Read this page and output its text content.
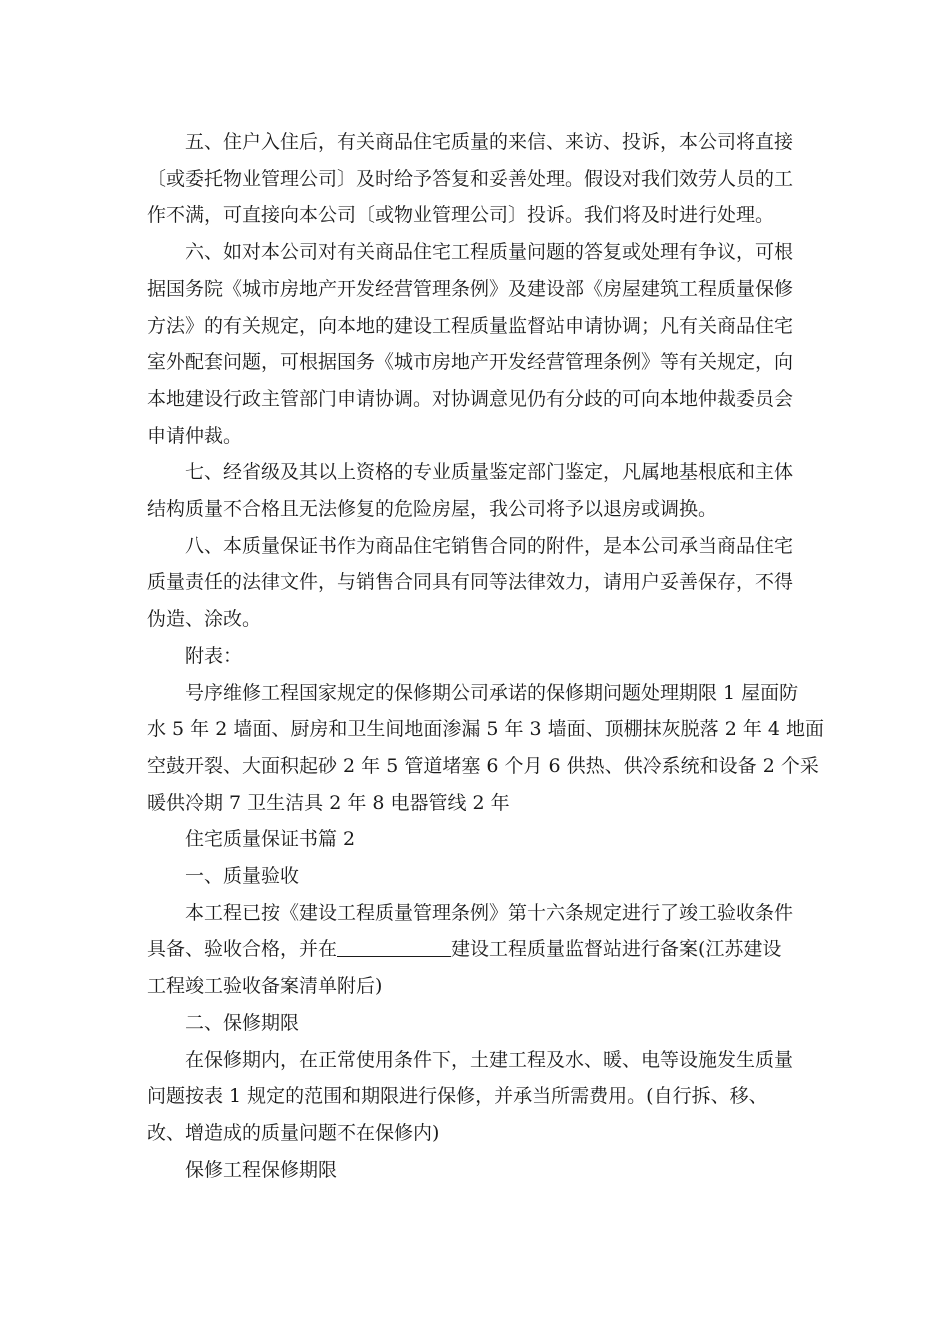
五、住户入住后，有关商品住宅质量的来信、来访、投诉，本公司将直接
〔或委托物业管理公司〕及时给予答复和妥善处理。假设对我们效劳人员的工
作不满，可直接向本公司〔或物业管理公司〕投诉。我们将及时进行处理。

六、如对本公司对有关商品住宅工程质量问题的答复或处理有争议，可根
据国务院《城市房地产开发经营管理条例》及建设部《房屋建筑工程质量保修
方法》的有关规定，向本地的建设工程质量监督站申请协调；凡有关商品住宅
室外配套问题，可根据国务《城市房地产开发经营管理条例》等有关规定，向
本地建设行政主管部门申请协调。对协调意见仍有分歧的可向本地仲裁委员会
申请仲裁。

七、经省级及其以上资格的专业质量鉴定部门鉴定，凡属地基根底和主体
结构质量不合格且无法修复的危险房屋，我公司将予以退房或调换。

八、本质量保证书作为商品住宅销售合同的附件，是本公司承当商品住宅
质量责任的法律文件，与销售合同具有同等法律效力，请用户妥善保存，不得
伪造、涂改。

附表：

号序维修工程国家规定的保修期公司承诺的保修期问题处理期限 1 屋面防
水 5 年 2 墙面、厨房和卫生间地面渗漏 5 年 3 墙面、顶棚抹灰脱落 2 年 4 地面
空鼓开裂、大面积起砂 2 年 5 管道堵塞 6 个月 6 供热、供冷系统和设备 2 个采
暖供冷期 7 卫生洁具 2 年 8 电器管线 2 年

住宅质量保证书篇 2

一、质量验收

本工程已按《建设工程质量管理条例》第十六条规定进行了竣工验收条件
具备、验收合格，并在	建设工程质量监督站进行备案(江苏建设
工程竣工验收备案清单附后)

二、保修期限

在保修期内，在正常使用条件下，土建工程及水、暖、电等设施发生质量
问题按表 1 规定的范围和期限进行保修，并承当所需费用。(自行拆、移、
改、增造成的质量问题不在保修内)

保修工程保修期限
